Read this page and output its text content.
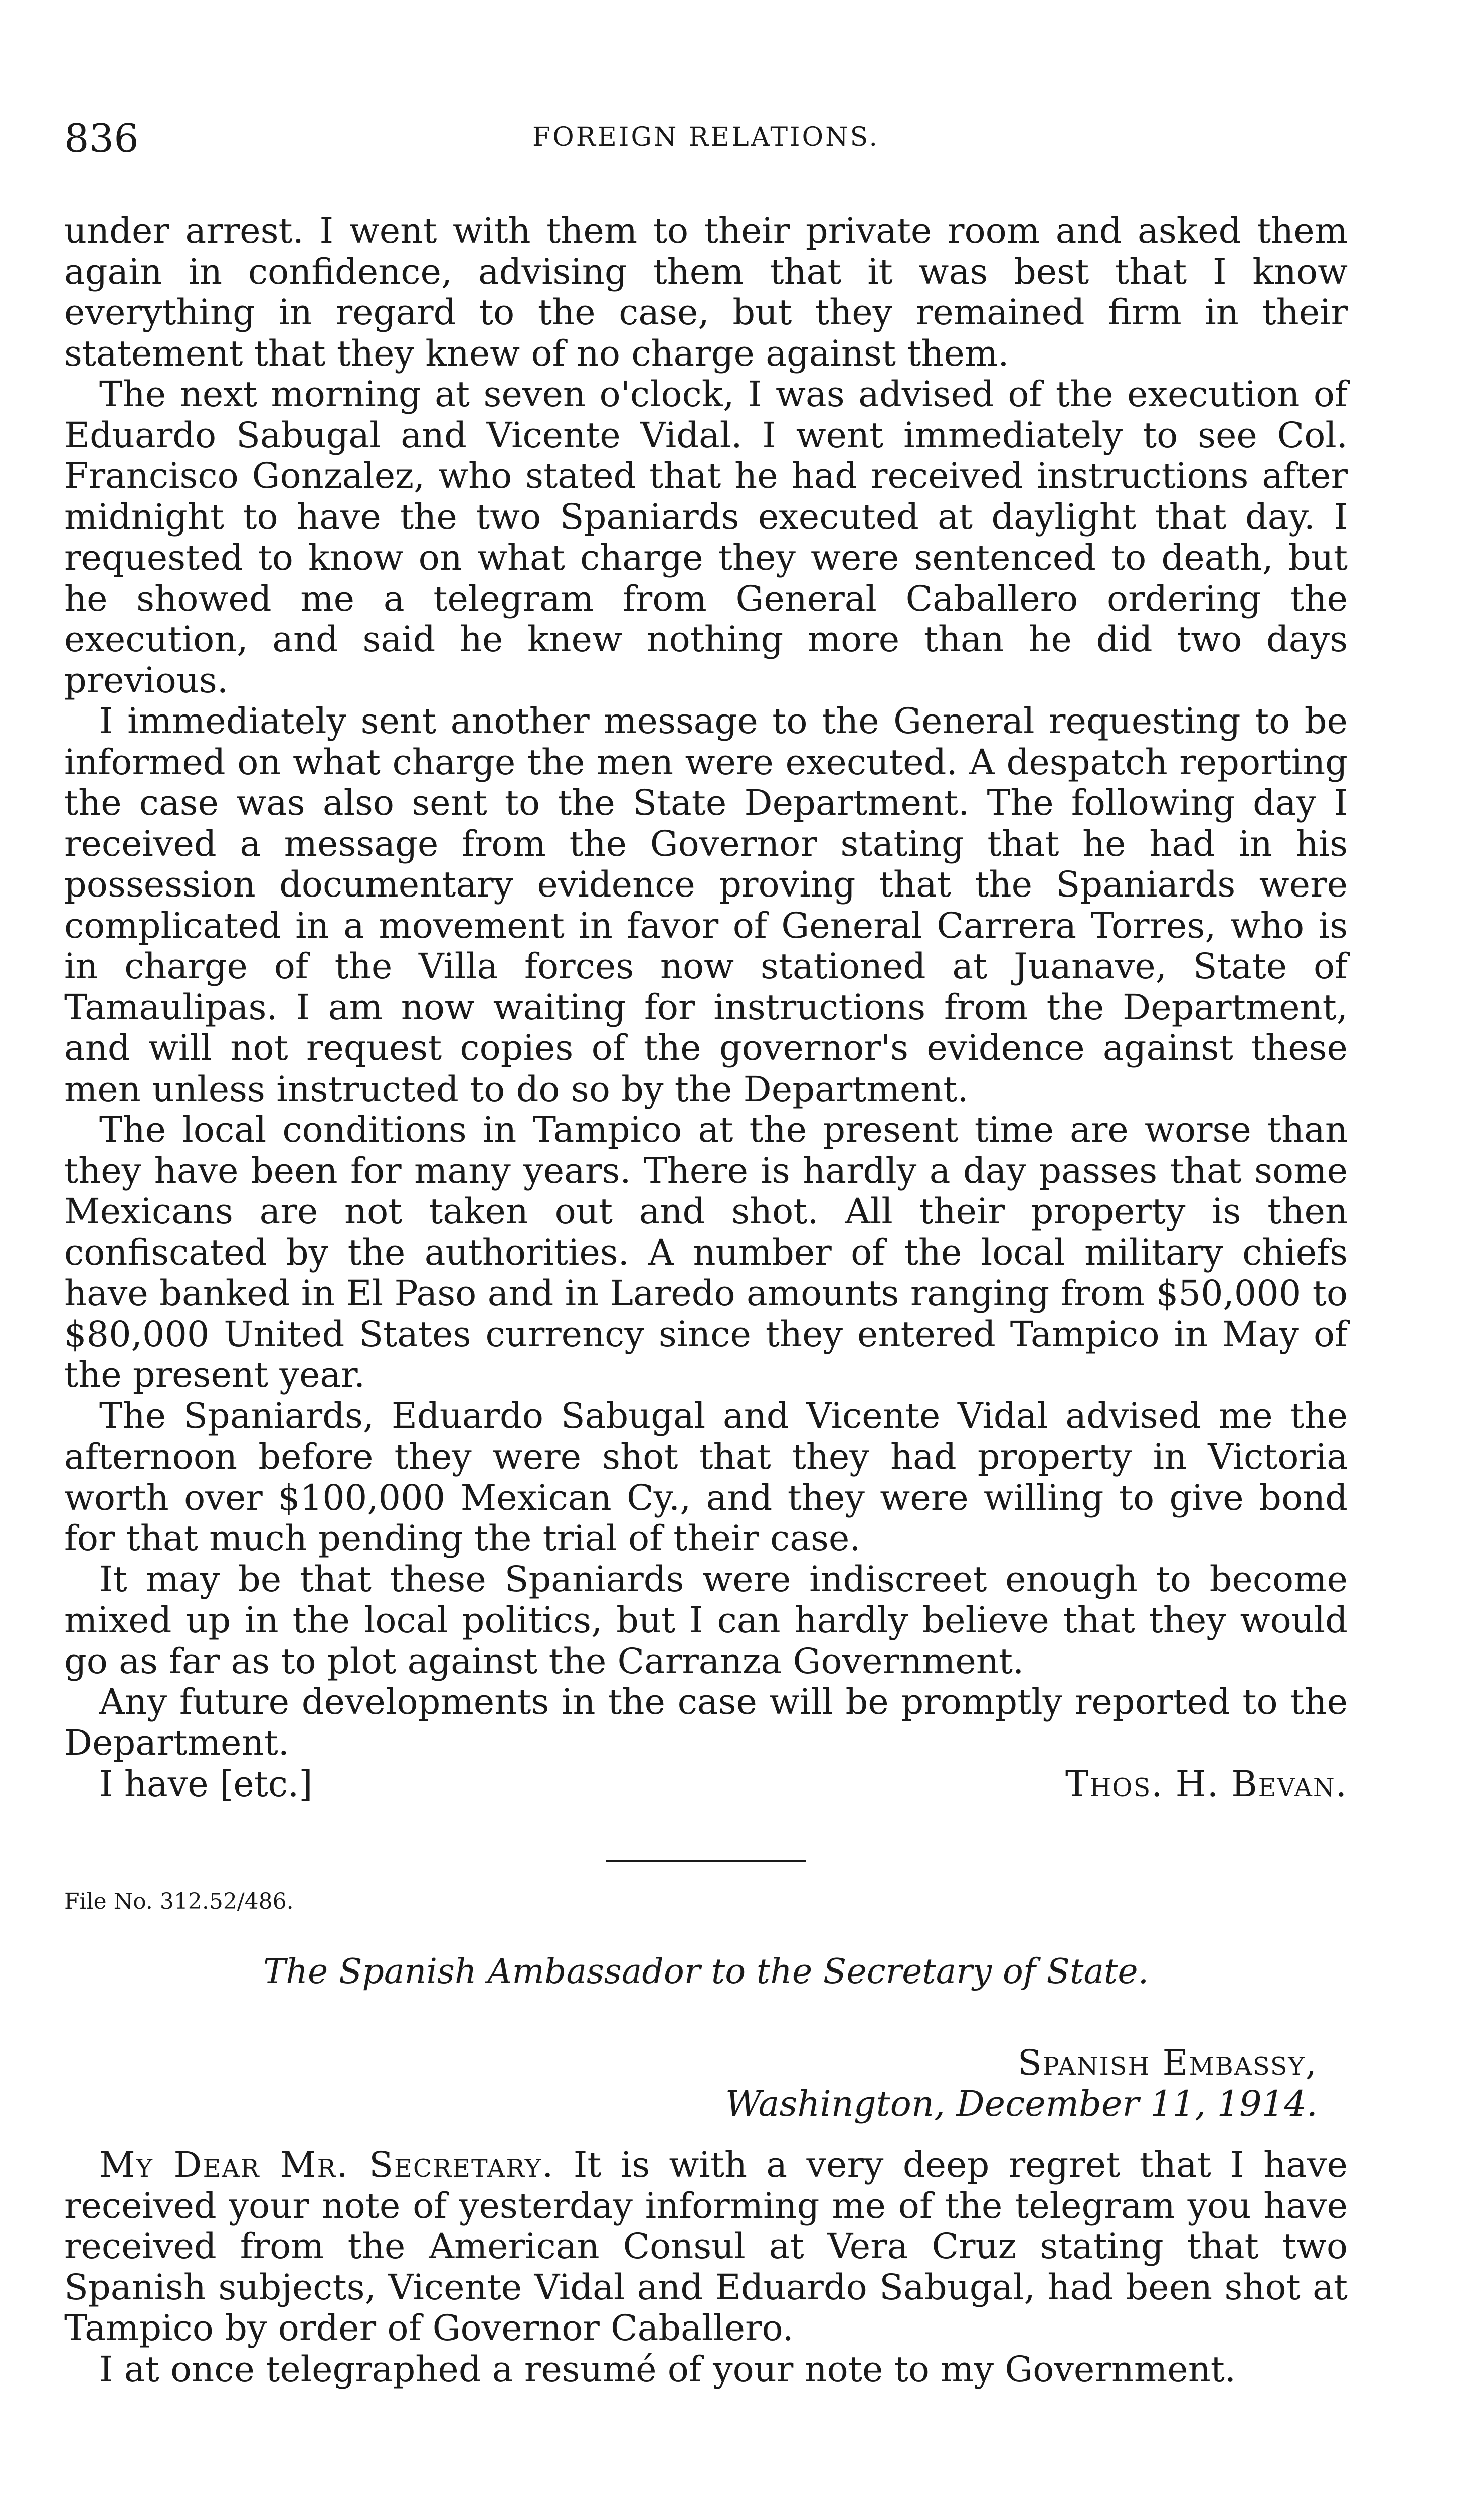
836	FOREIGN RELATIONS.

under arrest. I went with them to their private room and asked them again in confidence, advising them that it was best that I know everything in regard to the case, but they remained firm in their statement that they knew of no charge against them.

The next morning at seven o'clock, I was advised of the execution of Eduardo Sabugal and Vicente Vidal. I went immediately to see Col. Francisco Gonzalez, who stated that he had received instructions after midnight to have the two Spaniards executed at daylight that day. I requested to know on what charge they were sentenced to death, but he showed me a telegram from General Caballero ordering the execution, and said he knew nothing more than he did two days previous.

I immediately sent another message to the General requesting to be informed on what charge the men were executed. A despatch reporting the case was also sent to the State Department. The following day I received a message from the Governor stating that he had in his possession documentary evidence proving that the Spaniards were complicated in a movement in favor of General Carrera Torres, who is in charge of the Villa forces now stationed at Juanave, State of Tamaulipas. I am now waiting for instructions from the Department, and will not request copies of the governor's evidence against these men unless instructed to do so by the Department.

The local conditions in Tampico at the present time are worse than they have been for many years. There is hardly a day passes that some Mexicans are not taken out and shot. All their property is then confiscated by the authorities. A number of the local military chiefs have banked in El Paso and in Laredo amounts ranging from $50,000 to $80,000 United States currency since they entered Tampico in May of the present year.

The Spaniards, Eduardo Sabugal and Vicente Vidal advised me the afternoon before they were shot that they had property in Victoria worth over $100,000 Mexican Cy., and they were willing to give bond for that much pending the trial of their case.

It may be that these Spaniards were indiscreet enough to become mixed up in the local politics, but I can hardly believe that they would go as far as to plot against the Carranza Government.

Any future developments in the case will be promptly reported to the Department.

I have [etc.]	Thos. H. Bevan.
File No. 312.52/486.
The Spanish Ambassador to the Secretary of State.
Spanish Embassy,
Washington, December 11, 1914.

My Dear Mr. Secretary. It is with a very deep regret that I have received your note of yesterday informing me of the telegram you have received from the American Consul at Vera Cruz stating that two Spanish subjects, Vicente Vidal and Eduardo Sabugal, had been shot at Tampico by order of Governor Caballero.

I at once telegraphed a resumé of your note to my Government.
